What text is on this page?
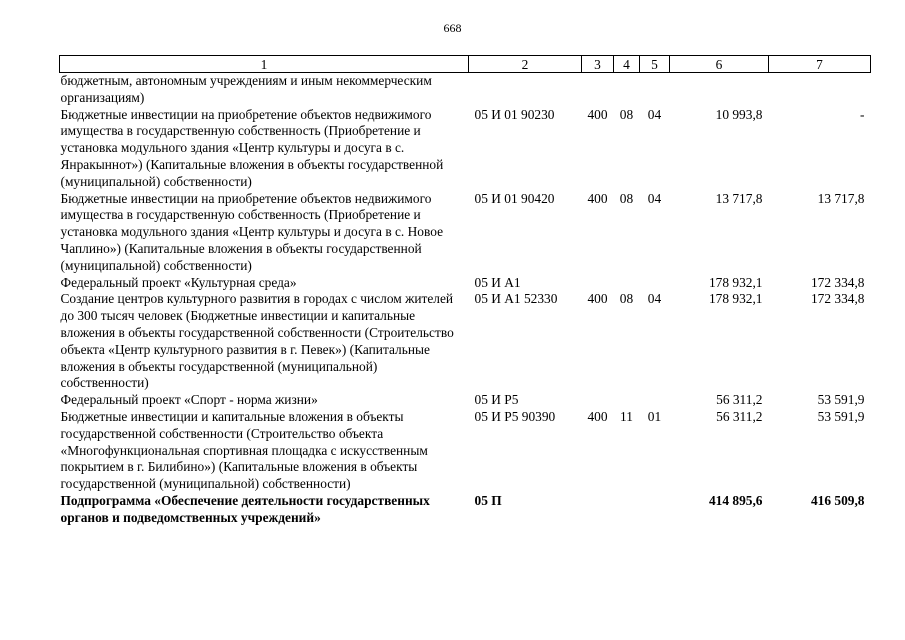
668
1	2	3	4	5	6	7
бюджетным, автономным учреждениям и иным некоммерческим организациям)						
Бюджетные инвестиции на приобретение объектов недвижимого имущества в государственную собственность (Приобретение и установка модульного здания «Центр культуры и досуга в с. Янракыннот») (Капитальные вложения в объекты государственной (муниципальной) собственности)	05 И 01 90230	400	08	04	10 993,8	-
Бюджетные инвестиции на приобретение объектов недвижимого имущества в государственную собственность (Приобретение и установка модульного здания «Центр культуры и досуга в с. Новое Чаплино») (Капитальные вложения в объекты государственной (муниципальной) собственности)	05 И 01 90420	400	08	04	13 717,8	13 717,8
Федеральный проект «Культурная среда»	05 И А1				178 932,1	172 334,8
Создание центров культурного развития в городах с числом жителей до 300 тысяч человек (Бюджетные инвестиции и капитальные вложения в объекты государственной собственности (Строительство объекта «Центр культурного развития в г. Певек») (Капитальные вложения в объекты государственной (муниципальной) собственности)	05 И А1 52330	400	08	04	178 932,1	172 334,8
Федеральный проект «Спорт - норма жизни»	05 И Р5				56 311,2	53 591,9
Бюджетные инвестиции и капитальные вложения в объекты государственной собственности (Строительство объекта «Многофункциональная спортивная площадка с искусственным покрытием в г. Билибино») (Капитальные вложения в объекты государственной (муниципальной) собственности)	05 И Р5 90390	400	11	01	56 311,2	53 591,9
Подпрограмма «Обеспечение деятельности государственных органов и подведомственных учреждений»	05 П				414 895,6	416 509,8
